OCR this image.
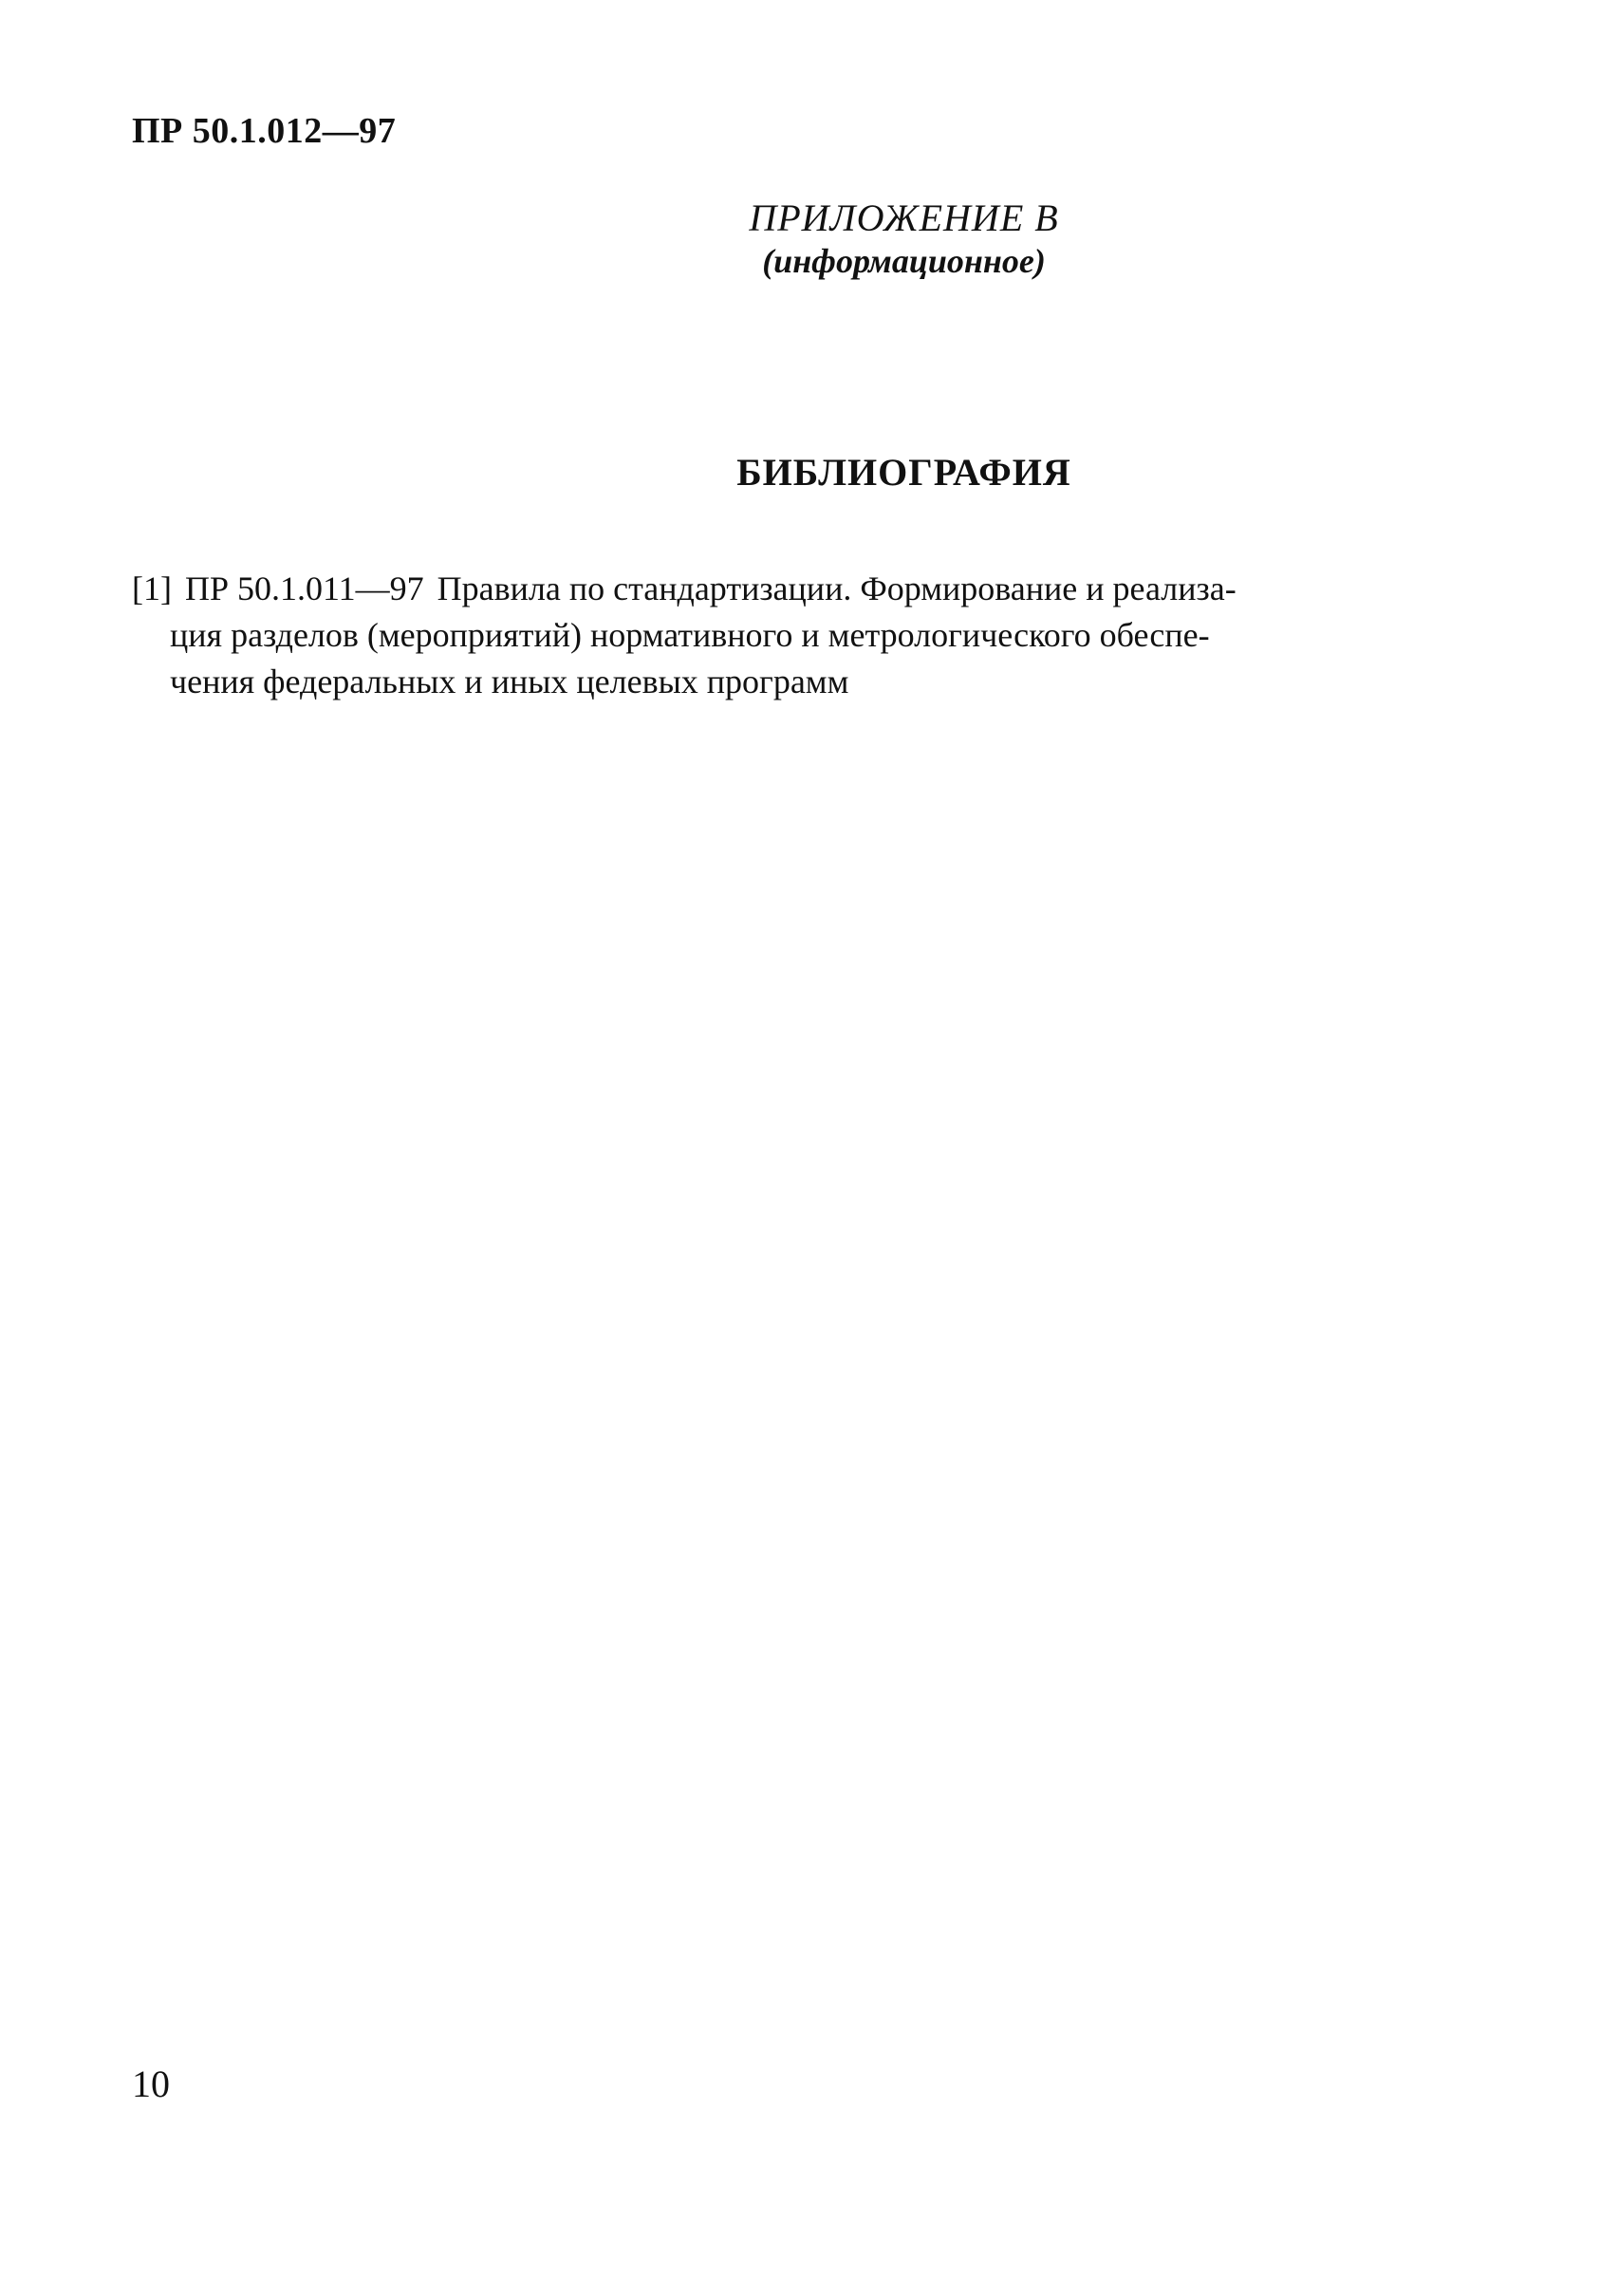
ПР 50.1.012—97
ПРИЛОЖЕНИЕ В
(информационное)
БИБЛИОГРАФИЯ
[1] ПР 50.1.011—97 Правила по стандартизации. Формирование и реализа-
ция разделов (мероприятий) нормативного и метрологического обеспе-
чения федеральных и иных целевых программ
10
